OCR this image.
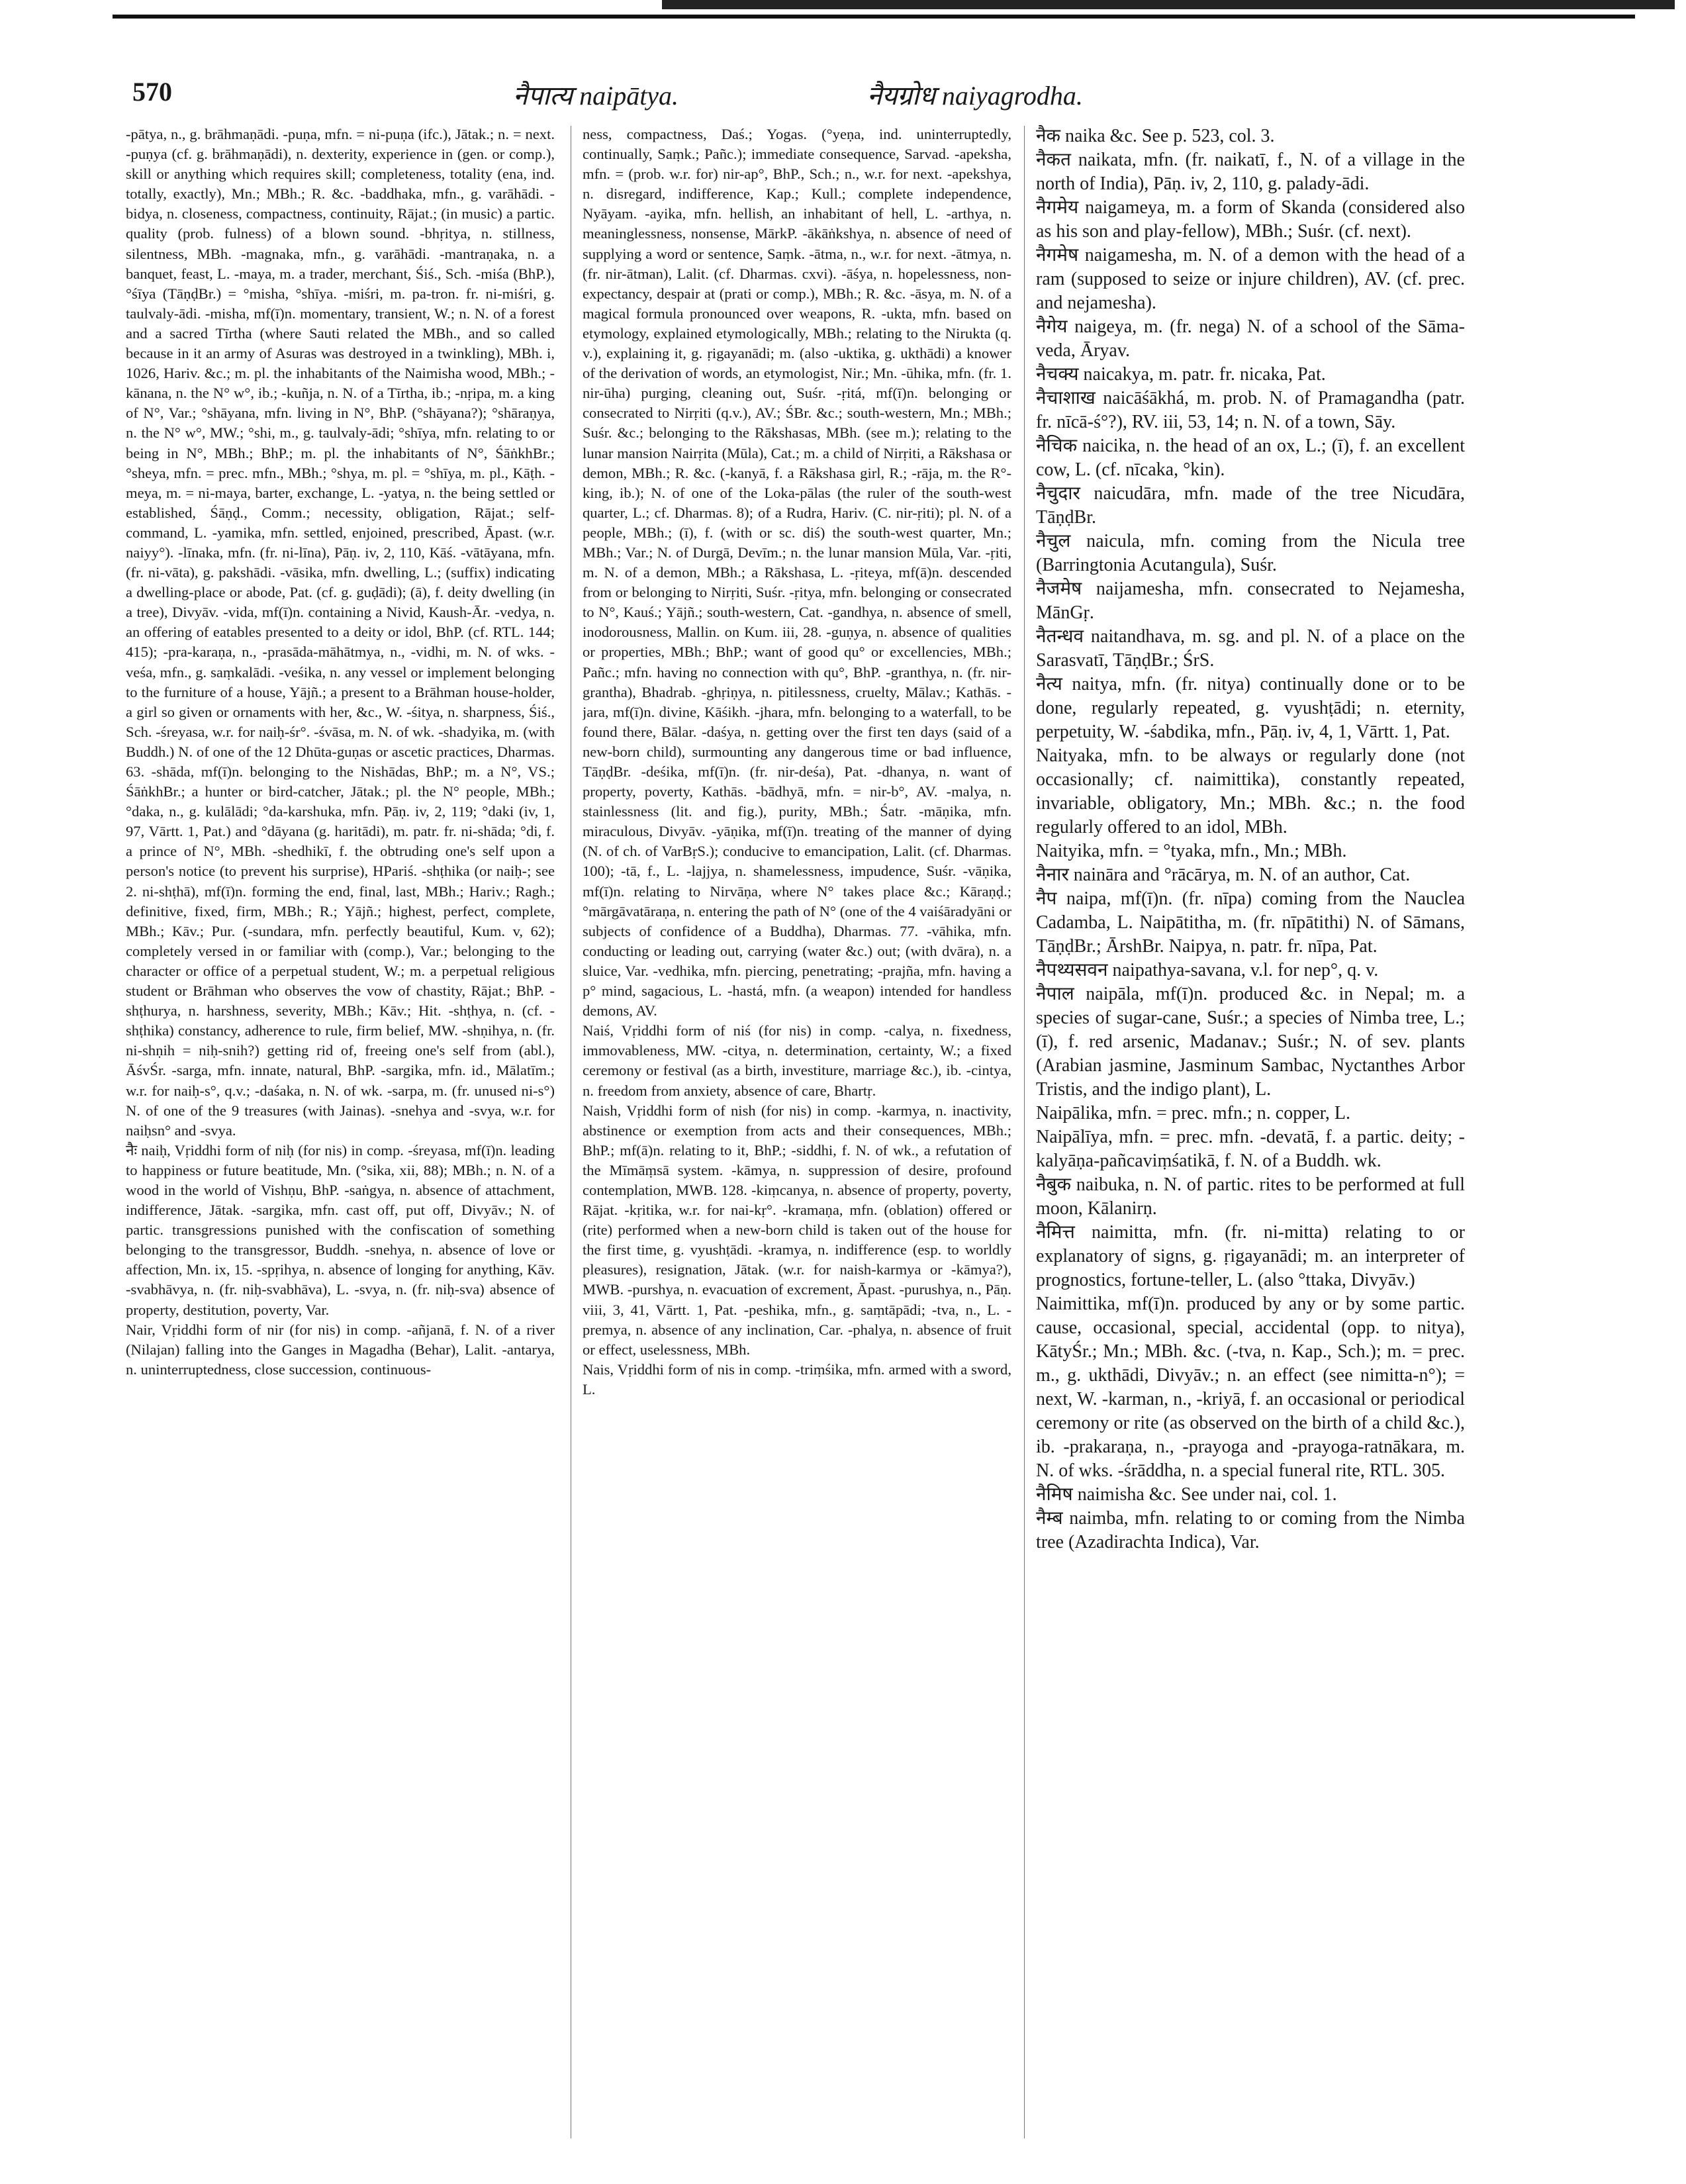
570	नैपात्य naipātya.	नैयग्रोध naiyagrodha.

-pātya, n., g. brāhmaṇādi. -puṇa, mfn. = ni-puṇa (ifc.), Jātak.; n. = next. -puṇya (cf. g. brāhmaṇādi), n. dexterity, experience in (gen. or comp.), skill or anything which requires skill; completeness, totality (ena, ind. totally, exactly), Mn.; MBh.; R. &c. -baddhaka, mfn., g. varāhādi. -bidya, n. closeness, compactness, continuity, Rājat.; (in music) a partic. quality (prob. fulness) of a blown sound. -bhṛitya, n. stillness, silentness, MBh. -magnaka, mfn., g. varāhādi. -mantraṇaka, n. a banquet, feast, L. -maya, m. a trader, merchant, Śiś., Sch. -miśa (BhP.), °śīya (TāṇḍBr.) = °misha, °shīya. -miśri, m. pa-tron. fr. ni-miśri, g. taulvaly-ādi. -misha, mf(ī)n. momentary, transient, W.; n. N. of a forest and a sacred Tīrtha (where Sauti related the MBh., and so called because in it an army of Asuras was destroyed in a twinkling), MBh. i, 1026, Hariv. &c.; m. pl. the inhabitants of the Naimisha wood, MBh.; -kānana, n. the N° w°, ib.; -kuñja, n. N. of a Tīrtha, ib.; -nṛipa, m. a king of N°, Var.; °shāyana, mfn. living in N°, BhP. (°shāyana?); °shāraṇya, n. the N° w°, MW.; °shi, m., g. taulvaly-ādi; °shīya, mfn. relating to or being in N°, MBh.; BhP.; m. pl. the inhabitants of N°, ŚāṅkhBr.; °sheya, mfn. = prec. mfn., MBh.; °shya, m. pl. = °shīya, m. pl., Kāṭh. -meya, m. = ni-maya, barter, exchange, L. -yatya, n. the being settled or established, Śāṇḍ., Comm.; necessity, obligation, Rājat.; self-command, L. -yamika, mfn. settled, enjoined, prescribed, Āpast. (w.r. naiyy°). -līnaka, mfn. (fr. ni-līna), Pāṇ. iv, 2, 110, Kāś. -vātāyana, mfn. (fr. ni-vāta), g. pakshādi. -vāsika, mfn. dwelling, L.; (suffix) indicating a dwelling-place or abode, Pat. (cf. g. guḍādi); (ā), f. deity dwelling (in a tree), Divyāv. -vida, mf(ī)n. containing a Nivid, Kaush-Ār. -vedya, n. an offering of eatables presented to a deity or idol, BhP. (cf. RTL. 144; 415); -pra-karaṇa, n., -prasāda-māhātmya, n., -vidhi, m. N. of wks. -veśa, mfn., g. saṃkalādi. -veśika, n. any vessel or implement belonging to the furniture of a house, Yājñ.; a present to a Brāhman house-holder, a girl so given or ornaments with her, &c., W. -śitya, n. sharpness, Śiś., Sch. -śreyasa, w.r. for naiḥ-śr°. -śvāsa, m. N. of wk. -shadyika, m. (with Buddh.) N. of one of the 12 Dhūta-guṇas or ascetic practices, Dharmas. 63. -shāda, mf(ī)n. belonging to the Nishādas, BhP.; m. a N°, VS.; ŚāṅkhBr.; a hunter or bird-catcher, Jātak.; pl. the N° people, MBh.; °daka, n., g. kulālādi; °da-karshuka, mfn. Pāṇ. iv, 2, 119; °daki (iv, 1, 97, Vārtt. 1, Pat.) and °dāyana (g. haritādi), m. patr. fr. ni-shāda; °di, f. a prince of N°, MBh. -shedhikī, f. the obtruding one's self upon a person's notice (to prevent his surprise), HPariś. -shṭhika (or naiḥ-; see 2. ni-shṭhā), mf(ī)n. forming the end, final, last, MBh.; Hariv.; Ragh.; definitive, fixed, firm, MBh.; R.; Yājñ.; highest, perfect, complete, MBh.; Kāv.; Pur. (-sundara, mfn. perfectly beautiful, Kum. v, 62); completely versed in or familiar with (comp.), Var.; belonging to the character or office of a perpetual student, W.; m. a perpetual religious student or Brāhman who observes the vow of chastity, Rājat.; BhP. -shṭhurya, n. harshness, severity, MBh.; Kāv.; Hit. -shṭhya, n. (cf. -shṭhika) constancy, adherence to rule, firm belief, MW. -shṇihya, n. (fr. ni-shṇih = niḥ-snih?) getting rid of, freeing one's self from (abl.), ĀśvŚr. -sarga, mfn. innate, natural, BhP. -sargika, mfn. id., Mālatīm.; w.r. for naiḥ-s°, q.v.; -daśaka, n. N. of wk. -sarpa, m. (fr. unused ni-s°) N. of one of the 9 treasures (with Jainas). -snehya and -svya, w.r. for naiḥsn° and -svya.

नैः naiḥ, Vṛiddhi form of niḥ (for nis) in comp. -śreyasa, mf(ī)n. leading to happiness or future beatitude, Mn. (°sika, xii, 88); MBh.; n. N. of a wood in the world of Vishṇu, BhP. -saṅgya, n. absence of attachment, indifference, Jātak. -sargika, mfn. cast off, put off, Divyāv.; N. of partic. transgressions punished with the confiscation of something belonging to the transgressor, Buddh. -snehya, n. absence of love or affection, Mn. ix, 15. -spṛihya, n. absence of longing for anything, Kāv. -svabhāvya, n. (fr. niḥ-svabhāva), L. -svya, n. (fr. niḥ-sva) absence of property, destitution, poverty, Var.

Nair, Vṛiddhi form of nir (for nis) in comp. -añjanā, f. N. of a river (Nilajan) falling into the Ganges in Magadha (Behar), Lalit. -antarya, n. uninterruptedness, close succession, continuous-

ness, compactness, Daś.; Yogas. (°yeṇa, ind. uninterruptedly, continually, Saṃk.; Pañc.); immediate consequence, Sarvad. -apeksha, mfn. = (prob. w.r. for) nir-ap°, BhP., Sch.; n., w.r. for next. -apekshya, n. disregard, indifference, Kap.; Kull.; complete independence, Nyāyam. -ayika, mfn. hellish, an inhabitant of hell, L. -arthya, n. meaninglessness, nonsense, MārkP. -ākāṅkshya, n. absence of need of supplying a word or sentence, Saṃk. -ātma, n., w.r. for next. -ātmya, n. (fr. nir-ātman), Lalit. (cf. Dharmas. cxvi). -āśya, n. hopelessness, non-expectancy, despair at (prati or comp.), MBh.; R. &c. -āsya, m. N. of a magical formula pronounced over weapons, R. -ukta, mfn. based on etymology, explained etymologically, MBh.; relating to the Nirukta (q. v.), explaining it, g. ṛigayanādi; m. (also -uktika, g. ukthādi) a knower of the derivation of words, an etymologist, Nir.; Mn. -ūhika, mfn. (fr. 1. nir-ūha) purging, cleaning out, Suśr. -ṛitá, mf(ī)n. belonging or consecrated to Nirṛiti (q.v.), AV.; ŚBr. &c.; south-western, Mn.; MBh.; Suśr. &c.; belonging to the Rākshasas, MBh. (see m.); relating to the lunar mansion Nairṛita (Mūla), Cat.; m. a child of Nirṛiti, a Rākshasa or demon, MBh.; R. &c. (-kanyā, f. a Rākshasa girl, R.; -rāja, m. the R°-king, ib.); N. of one of the Loka-pālas (the ruler of the south-west quarter, L.; cf. Dharmas. 8); of a Rudra, Hariv. (C. nir-ṛiti); pl. N. of a people, MBh.; (ī), f. (with or sc. diś) the south-west quarter, Mn.; MBh.; Var.; N. of Durgā, Devīm.; n. the lunar mansion Mūla, Var. -ṛiti, m. N. of a demon, MBh.; a Rākshasa, L. -ṛiteya, mf(ā)n. descended from or belonging to Nirṛiti, Suśr. -ṛitya, mfn. belonging or consecrated to N°, Kauś.; Yājñ.; south-western, Cat. -gandhya, n. absence of smell, inodorousness, Mallin. on Kum. iii, 28. -guṇya, n. absence of qualities or properties, MBh.; BhP.; want of good qu° or excellencies, MBh.; Pañc.; mfn. having no connection with qu°, BhP. -granthya, n. (fr. nir-grantha), Bhadrab. -ghṛiṇya, n. pitilessness, cruelty, Mālav.; Kathās. -jara, mf(ī)n. divine, Kāśikh. -jhara, mfn. belonging to a waterfall, to be found there, Bālar. -daśya, n. getting over the first ten days (said of a new-born child), surmounting any dangerous time or bad influence, TāṇḍBr. -deśika, mf(ī)n. (fr. nir-deśa), Pat. -dhanya, n. want of property, poverty, Kathās. -bādhyā, mfn. = nir-b°, AV. -malya, n. stainlessness (lit. and fig.), purity, MBh.; Śatr. -māṇika, mfn. miraculous, Divyāv. -yāṇika, mf(ī)n. treating of the manner of dying (N. of ch. of VarBṛS.); conducive to emancipation, Lalit. (cf. Dharmas. 100); -tā, f., L. -lajjya, n. shamelessness, impudence, Suśr. -vāṇika, mf(ī)n. relating to Nirvāṇa, where N° takes place &c.; Kāraṇḍ.; °mārgāvatāraṇa, n. entering the path of N° (one of the 4 vaiśāradyāni or subjects of confidence of a Buddha), Dharmas. 77. -vāhika, mfn. conducting or leading out, carrying (water &c.) out; (with dvāra), n. a sluice, Var. -vedhika, mfn. piercing, penetrating; -prajña, mfn. having a p° mind, sagacious, L. -hastá, mfn. (a weapon) intended for handless demons, AV.

Naiś, Vṛiddhi form of niś (for nis) in comp. -calya, n. fixedness, immovableness, MW. -citya, n. determination, certainty, W.; a fixed ceremony or festival (as a birth, investiture, marriage &c.), ib. -cintya, n. freedom from anxiety, absence of care, Bhartṛ.

Naish, Vṛiddhi form of nish (for nis) in comp. -karmya, n. inactivity, abstinence or exemption from acts and their consequences, MBh.; BhP.; mf(ā)n. relating to it, BhP.; -siddhi, f. N. of wk., a refutation of the Mīmāṃsā system. -kāmya, n. suppression of desire, profound contemplation, MWB. 128. -kiṃcanya, n. absence of property, poverty, Rājat. -kṛitika, w.r. for nai-kṛ°. -kramaṇa, mfn. (oblation) offered or (rite) performed when a new-born child is taken out of the house for the first time, g. vyushṭādi. -kramya, n. indifference (esp. to worldly pleasures), resignation, Jātak. (w.r. for naish-karmya or -kāmya?), MWB. -purshya, n. evacuation of excrement, Āpast. -purushya, n., Pāṇ. viii, 3, 41, Vārtt. 1, Pat. -peshika, mfn., g. saṃtāpādi; -tva, n., L. -premya, n. absence of any inclination, Car. -phalya, n. absence of fruit or effect, uselessness, MBh.

Nais, Vṛiddhi form of nis in comp. -triṃśika, mfn. armed with a sword, L.

नैक naika &c. See p. 523, col. 3.

नैकत naikata, mfn. (fr. naikatī, f., N. of a village in the north of India), Pāṇ. iv, 2, 110, g. palady-ādi.

नैगमेय naigameya, m. a form of Skanda (considered also as his son and play-fellow), MBh.; Suśr. (cf. next).

नैगमेष naigamesha, m. N. of a demon with the head of a ram (supposed to seize or injure children), AV. (cf. prec. and nejamesha).

नैगेय naigeya, m. (fr. nega) N. of a school of the Sāma-veda, Āryav.

नैचक्य naicakya, m. patr. fr. nicaka, Pat.

नैचाशाख naicāśākhá, m. prob. N. of Pramagandha (patr. fr. nīcā-ś°?), RV. iii, 53, 14; n. N. of a town, Sāy.

नैचिक naicika, n. the head of an ox, L.; (ī), f. an excellent cow, L. (cf. nīcaka, °kin).

नैचुदार naicudāra, mfn. made of the tree Nicudāra, TāṇḍBr.

नैचुल naicula, mfn. coming from the Nicula tree (Barringtonia Acutangula), Suśr.

नैजमेष naijamesha, mfn. consecrated to Nejamesha, MānGṛ.

नैतन्धव naitandhava, m. sg. and pl. N. of a place on the Sarasvatī, TāṇḍBr.; ŚrS.

नैत्य naitya, mfn. (fr. nitya) continually done or to be done, regularly repeated, g. vyushṭādi; n. eternity, perpetuity, W. -śabdika, mfn., Pāṇ. iv, 4, 1, Vārtt. 1, Pat.

Naityaka, mfn. to be always or regularly done (not occasionally; cf. naimittika), constantly repeated, invariable, obligatory, Mn.; MBh. &c.; n. the food regularly offered to an idol, MBh.

Naityika, mfn. = °tyaka, mfn., Mn.; MBh.

नैनार naināra and °rācārya, m. N. of an author, Cat.

नैप naipa, mf(ī)n. (fr. nīpa) coming from the Nauclea Cadamba, L. Naipātitha, m. (fr. nīpātithi) N. of Sāmans, TāṇḍBr.; ĀrshBr. Naipya, n. patr. fr. nīpa, Pat.

नैपथ्यसवन naipathya-savana, v.l. for nep°, q. v.

नैपाल naipāla, mf(ī)n. produced &c. in Nepal; m. a species of sugar-cane, Suśr.; a species of Nimba tree, L.; (ī), f. red arsenic, Madanav.; Suśr.; N. of sev. plants (Arabian jasmine, Jasminum Sambac, Nyctanthes Arbor Tristis, and the indigo plant), L.

Naipālika, mfn. = prec. mfn.; n. copper, L.

Naipālīya, mfn. = prec. mfn. -devatā, f. a partic. deity; -kalyāṇa-pañcaviṃśatikā, f. N. of a Buddh. wk.

नैबुक naibuka, n. N. of partic. rites to be performed at full moon, Kālanirṇ.

नैमित्त naimitta, mfn. (fr. ni-mitta) relating to or explanatory of signs, g. ṛigayanādi; m. an interpreter of prognostics, fortune-teller, L. (also °ttaka, Divyāv.)

Naimittika, mf(ī)n. produced by any or by some partic. cause, occasional, special, accidental (opp. to nitya), KātyŚr.; Mn.; MBh. &c. (-tva, n. Kap., Sch.); m. = prec. m., g. ukthādi, Divyāv.; n. an effect (see nimitta-n°); = next, W. -karman, n., -kriyā, f. an occasional or periodical ceremony or rite (as observed on the birth of a child &c.), ib. -prakaraṇa, n., -prayoga and -prayoga-ratnākara, m. N. of wks. -śrāddha, n. a special funeral rite, RTL. 305.

नैमिष naimisha &c. See under nai, col. 1.

नैम्ब naimba, mfn. relating to or coming from the Nimba tree (Azadirachta Indica), Var.
